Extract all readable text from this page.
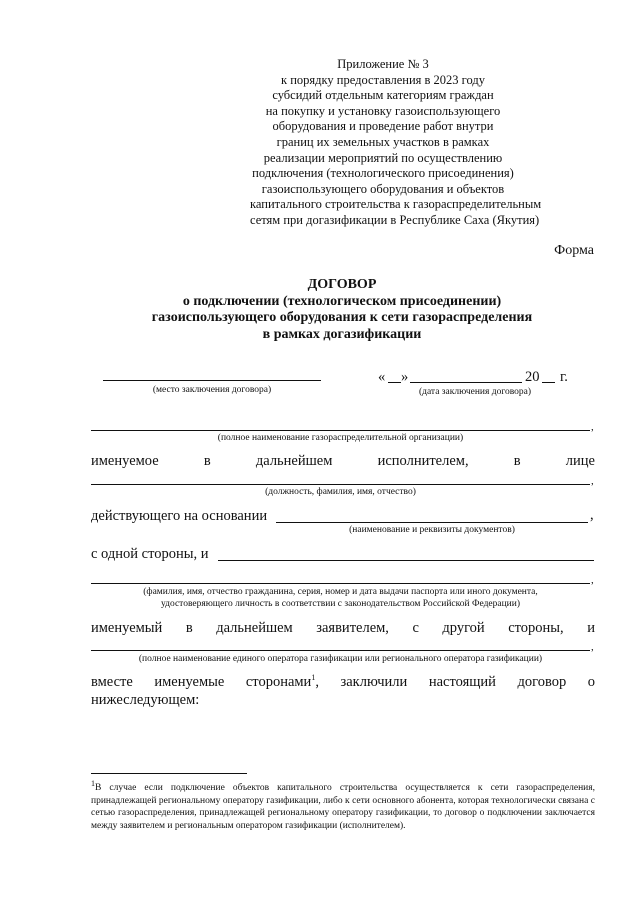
Приложение № 3
к порядку предоставления в 2023 году
субсидий отдельным категориям граждан
на покупку и установку газоиспользующего
оборудования и проведение работ внутри
границ их земельных участков в рамках
реализации мероприятий по осуществлению
подключения (технологического присоединения)
газоиспользующего оборудования и объектов
капитального строительства к газораспределительным
сетям при догазификации в Республике Саха (Якутия)
Форма
ДОГОВОР
о подключении (технологическом присоединении)
газоиспользующего оборудования к сети газораспределения
в рамках догазификации
(место заключения договора)
« »	20 г.
(дата заключения договора)
,
(полное наименование газораспределительной организации)
именуемое	в	дальнейшем	исполнителем,	в	лице
,
(должность, фамилия, имя, отчество)
действующего на основании	,
(наименование и реквизиты документов)
с одной стороны, и
,
(фамилия, имя, отчество гражданина, серия, номер и дата выдачи паспорта или иного документа,
удостоверяющего личность в соответствии с законодательством Российской Федерации)
именуемый в дальнейшем заявителем, с другой стороны, и
,
(полное наименование единого оператора газификации или регионального оператора газификации)
вместе именуемые сторонами$^1$, заключили настоящий договор о
нижеследующем:
$^1$В случае если подключение объектов капитального строительства осуществляется к сети газораспределения, принадлежащей региональному оператору газификации, либо к сети основного абонента, которая технологически связана с сетью газораспределения, принадлежащей региональному оператору газификации, то договор о подключении заключается между заявителем и региональным оператором газификации (исполнителем).
